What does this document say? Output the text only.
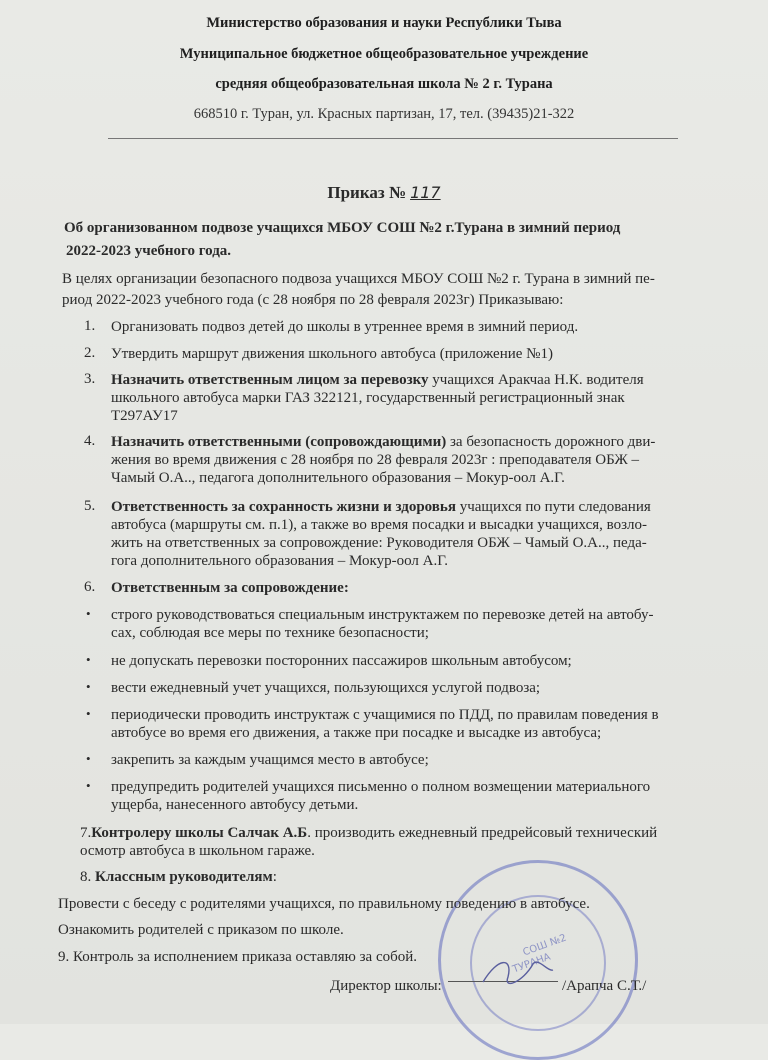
Министерство образования и науки Республики Тыва
Муниципальное бюджетное общеобразовательное учреждение
средняя общеобразовательная школа № 2 г. Турана
668510 г. Туран, ул. Красных партизан, 17, тел. (39435)21-322
Приказ № 117
Об организованном подвозе учащихся МБОУ СОШ №2 г.Турана в зимний период
2022-2023 учебного года.
В целях организации безопасного подвоза учащихся МБОУ СОШ №2 г. Турана в зимний пе-
риод 2022-2023 учебного года (с 28 ноября по 28 февраля 2023г) Приказываю:
1. Организовать подвоз детей до школы в утреннее время в зимний период.
2. Утвердить маршрут движения школьного автобуса (приложение №1)
3. Назначить ответственным лицом за перевозку учащихся Аракчаа Н.К. водителя
школьного автобуса марки ГАЗ 322121, государственный регистрационный знак
Т297АУ17
4. Назначить ответственными (сопровождающими) за безопасность дорожного дви-
жения во время движения с 28 ноября по 28 февраля 2023г : преподавателя ОБЖ –
Чамый О.А.., педагога дополнительного образования – Мокур-оол А.Г.
5. Ответственность за сохранность жизни и здоровья учащихся по пути следования
автобуса (маршруты см. п.1), а также во время посадки и высадки учащихся, возло-
жить на ответственных за сопровождение: Руководителя ОБЖ – Чамый О.А.., педа-
гога дополнительного образования – Мокур-оол А.Г.
6. Ответственным за сопровождение:
• строго руководствоваться специальным инструктажем по перевозке детей на автобу-
сах, соблюдая все меры по технике безопасности;
• не допускать перевозки посторонних пассажиров школьным автобусом;
• вести ежедневный учет учащихся, пользующихся услугой подвоза;
• периодически проводить инструктаж с учащимися по ПДД, по правилам поведения в
автобусе во время его движения, а также при посадке и высадке из автобуса;
• закрепить за каждым учащимся место в автобусе;
• предупредить родителей учащихся письменно о полном возмещении материального
ущерба, нанесенного автобусу детьми.
7.Контролеру школы Салчак А.Б. производить ежедневный предрейсовый технический
осмотр автобуса в школьном гараже.
8. Классным руководителям:
СОШ №2
ТУРАНА
Провести с беседу с родителями учащихся, по правильному поведению в автобусе.
Ознакомить родителей с приказом по школе.
9. Контроль за исполнением приказа оставляю за собой.
Директор школы:	/Арапчa С.Т./
